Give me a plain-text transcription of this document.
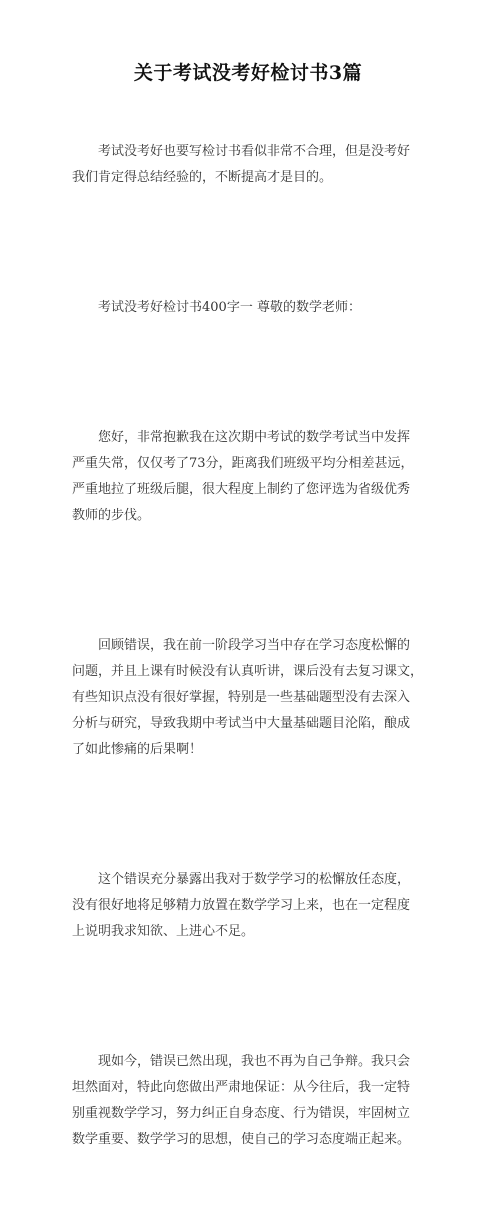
关于考试没考好检讨书3篇

考试没考好也要写检讨书看似非常不合理，但是没考好
我们肯定得总结经验的，不断提高才是目的。

考试没考好检讨书400字一 尊敬的数学老师：

您好，非常抱歉我在这次期中考试的数学考试当中发挥
严重失常，仅仅考了73分，距离我们班级平均分相差甚远，
严重地拉了班级后腿，很大程度上制约了您评选为省级优秀
教师的步伐。

回顾错误，我在前一阶段学习当中存在学习态度松懈的
问题，并且上课有时候没有认真听讲，课后没有去复习课文，
有些知识点没有很好掌握，特别是一些基础题型没有去深入
分析与研究，导致我期中考试当中大量基础题目沦陷，酿成
了如此惨痛的后果啊！

这个错误充分暴露出我对于数学学习的松懈放任态度，
没有很好地将足够精力放置在数学学习上来，也在一定程度
上说明我求知欲、上进心不足。

现如今，错误已然出现，我也不再为自己争辩。我只会
坦然面对，特此向您做出严肃地保证：从今往后，我一定特
别重视数学学习，努力纠正自身态度、行为错误，牢固树立
数学重要、数学学习的思想，使自己的学习态度端正起来。
